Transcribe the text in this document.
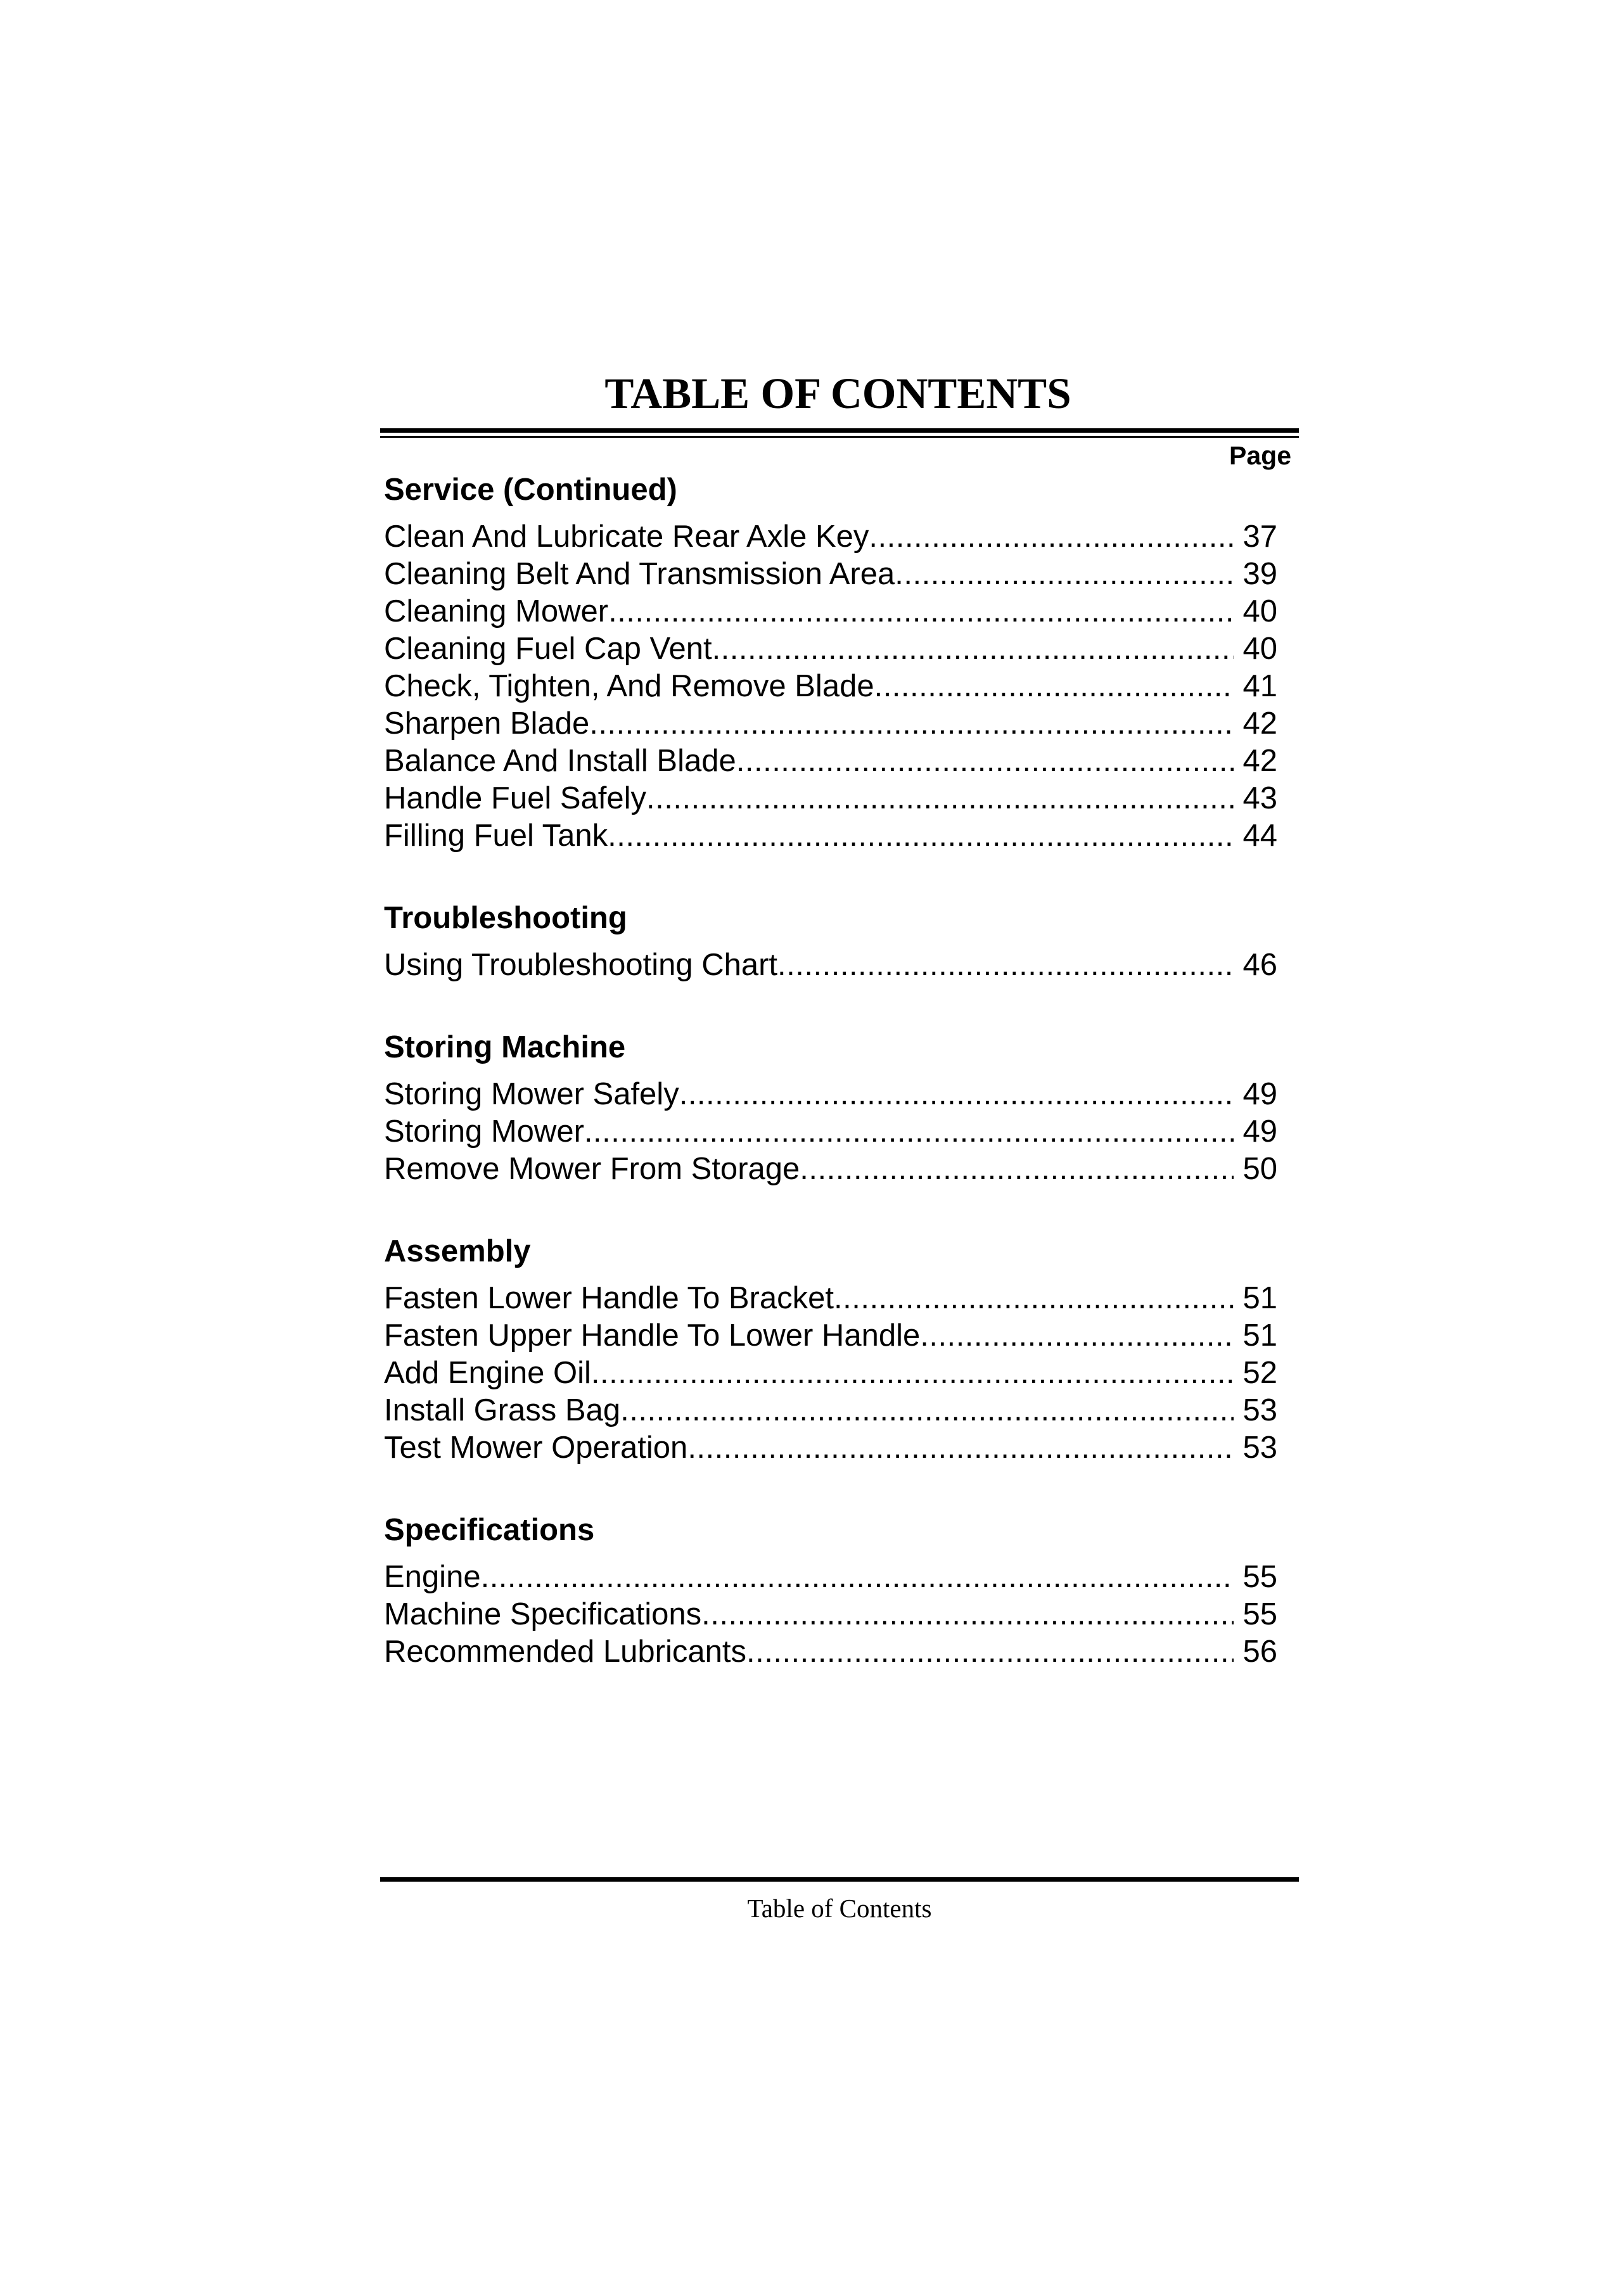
TABLE OF CONTENTS
Page
Service (Continued)
Clean And Lubricate Rear Axle Key .....	37
Cleaning Belt And Transmission Area .....	39
Cleaning Mower .....	40
Cleaning Fuel Cap Vent .....	40
Check, Tighten, And Remove Blade .....	41
Sharpen Blade .....	42
Balance And Install Blade .....	42
Handle Fuel Safely .....	43
Filling Fuel Tank .....	44
Troubleshooting
Using Troubleshooting Chart .....	46
Storing Machine
Storing Mower Safely .....	49
Storing Mower .....	49
Remove Mower From Storage .....	50
Assembly
Fasten Lower Handle To Bracket .....	51
Fasten Upper Handle To Lower Handle .....	51
Add Engine Oil .....	52
Install Grass Bag .....	53
Test Mower Operation .....	53
Specifications
Engine .....	55
Machine Specifications .....	55
Recommended Lubricants .....	56
Table of Contents
